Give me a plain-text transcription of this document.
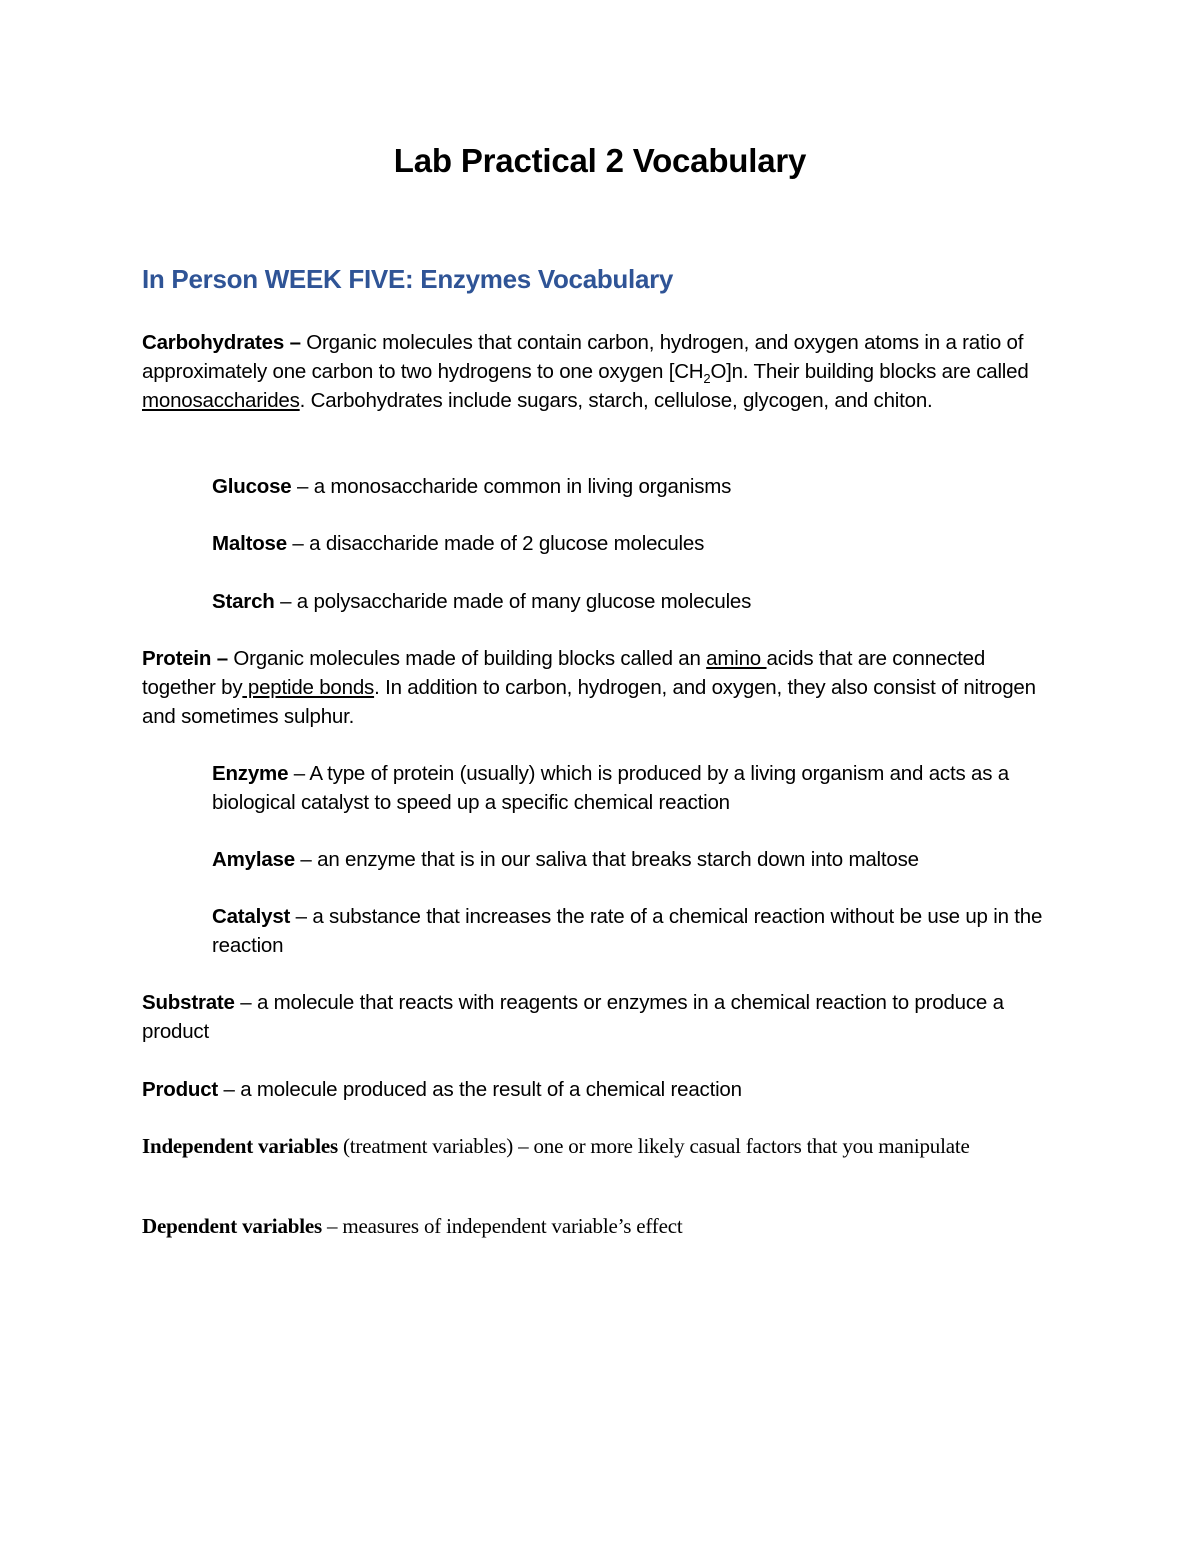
Lab Practical 2 Vocabulary
In Person WEEK FIVE: Enzymes Vocabulary

Carbohydrates – Organic molecules that contain carbon, hydrogen, and oxygen atoms in a ratio of approximately one carbon to two hydrogens to one oxygen $[CH_2O]n$. Their building blocks are called monosaccharides. Carbohydrates include sugars, starch, cellulose, glycogen, and chiton.

Glucose – a monosaccharide common in living organisms

Maltose – a disaccharide made of 2 glucose molecules

Starch – a polysaccharide made of many glucose molecules

Protein – Organic molecules made of building blocks called an amino acids that are connected together by peptide bonds. In addition to carbon, hydrogen, and oxygen, they also consist of nitrogen and sometimes sulphur.

Enzyme – A type of protein (usually) which is produced by a living organism and acts as a biological catalyst to speed up a specific chemical reaction

Amylase – an enzyme that is in our saliva that breaks starch down into maltose

Catalyst – a substance that increases the rate of a chemical reaction without be use up in the reaction

Substrate – a molecule that reacts with reagents or enzymes in a chemical reaction to produce a product

Product – a molecule produced as the result of a chemical reaction

Independent variables (treatment variables) – one or more likely casual factors that you manipulate

Dependent variables – measures of independent variable’s effect
